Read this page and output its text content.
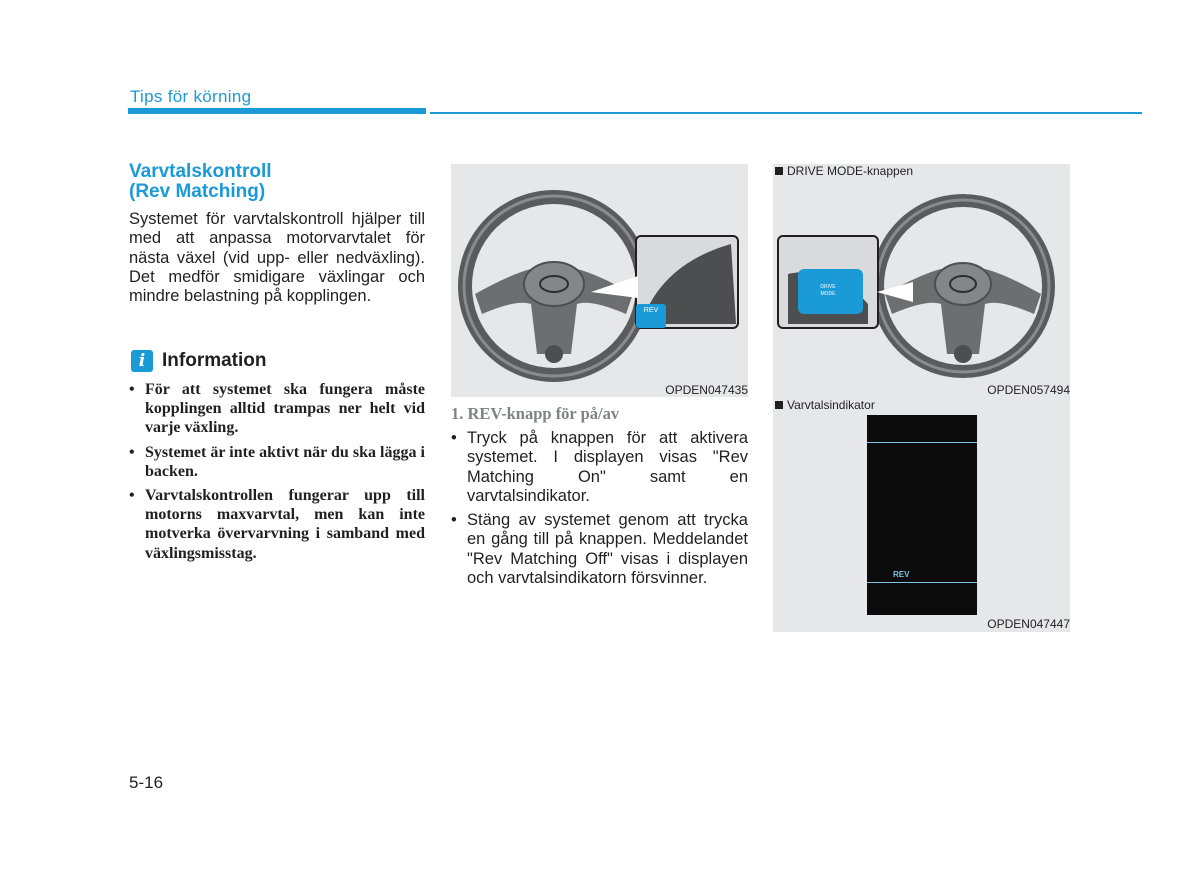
Tips för körning
Varvtalskontroll
(Rev Matching)
Systemet för varvtalskontroll hjälper till med att anpassa motorvarvtalet för nästa växel (vid upp- eller nedväxling). Det medför smidigare växlingar och mindre belastning på kopplingen.
i Information
• För att systemet ska fungera måste kopplingen alltid trampas ner helt vid varje växling.
• Systemet är inte aktivt när du ska lägga i backen.
• Varvtalskontrollen fungerar upp till motorns maxvarvtal, men kan inte motverka övervarvning i samband med växlingsmisstag.
REV
OPDEN047435
1. REV-knapp för på/av
• Tryck på knappen för att aktivera systemet. I displayen visas "Rev Matching On" samt en varvtalsindikator.
• Stäng av systemet genom att trycka en gång till på knappen. Meddelandet "Rev Matching Off" visas i displayen och varvtalsindikatorn försvinner.
DRIVE
MODE
DRIVE MODE-knappen
OPDEN057494
Varvtalsindikator
REV
OPDEN047447
5-16
